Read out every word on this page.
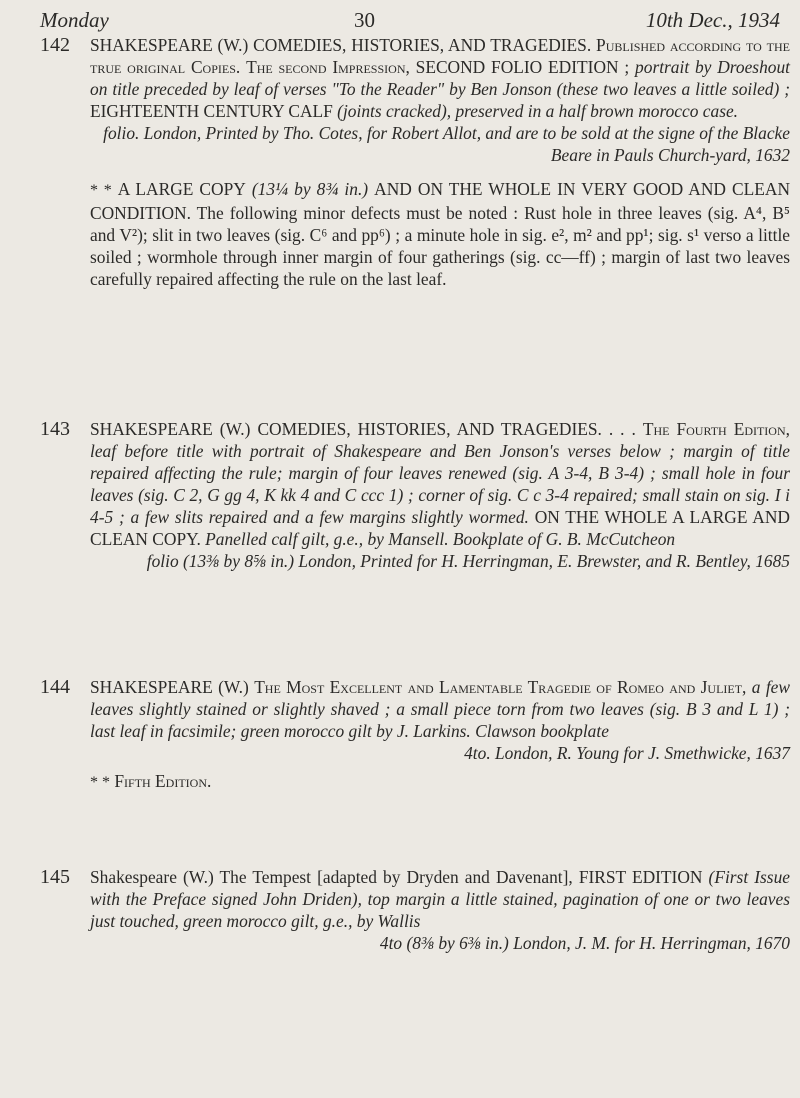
Monday	30	10th Dec., 1934
142 SHAKESPEARE (W.) COMEDIES, HISTORIES, AND TRAGEDIES. Published according to the true original Copies. The second Impression, SECOND FOLIO EDITION ; portrait by Droeshout on title preceded by leaf of verses "To the Reader" by Ben Jonson (these two leaves a little soiled) ; EIGHTEENTH CENTURY CALF (joints cracked), preserved in a half brown morocco case.
folio. London, Printed by Tho. Cotes, for Robert Allot, and are to be sold at the signe of the Blacke Beare in Pauls Church-yard, 1632
* * A LARGE COPY (13¼ by 8¾ in.) AND ON THE WHOLE IN VERY GOOD AND CLEAN CONDITION. The following minor defects must be noted : Rust hole in three leaves (sig. A⁴, B⁵ and V²); slit in two leaves (sig. C⁶ and pp⁶) ; a minute hole in sig. e², m² and pp¹; sig. s¹ verso a little soiled ; wormhole through inner margin of four gatherings (sig. cc—ff) ; margin of last two leaves carefully repaired affecting the rule on the last leaf.
143 SHAKESPEARE (W.) COMEDIES, HISTORIES, AND TRAGEDIES. . . . The Fourth Edition, leaf before title with portrait of Shakespeare and Ben Jonson's verses below ; margin of title repaired affecting the rule; margin of four leaves renewed (sig. A 3-4, B 3-4) ; small hole in four leaves (sig. C 2, G gg 4, K kk 4 and C ccc 1) ; corner of sig. C c 3-4 repaired; small stain on sig. I i 4-5 ; a few slits repaired and a few margins slightly wormed. ON THE WHOLE A LARGE AND CLEAN COPY. Panelled calf gilt, g.e., by Mansell. Bookplate of G. B. McCutcheon
folio (13⅜ by 8⅝ in.) London, Printed for H. Herringman, E. Brewster, and R. Bentley, 1685
144 SHAKESPEARE (W.) The Most Excellent and Lamentable Tragedie of Romeo and Juliet, a few leaves slightly stained or slightly shaved ; a small piece torn from two leaves (sig. B 3 and L 1) ; last leaf in facsimile; green morocco gilt by J. Larkins. Clawson bookplate
4to. London, R. Young for J. Smethwicke, 1637
* * Fifth Edition.
145 Shakespeare (W.) The Tempest [adapted by Dryden and Davenant], FIRST EDITION (First Issue with the Preface signed John Driden), top margin a little stained, pagination of one or two leaves just touched, green morocco gilt, g.e., by Wallis
4to (8⅜ by 6⅜ in.) London, J. M. for H. Herringman, 1670
